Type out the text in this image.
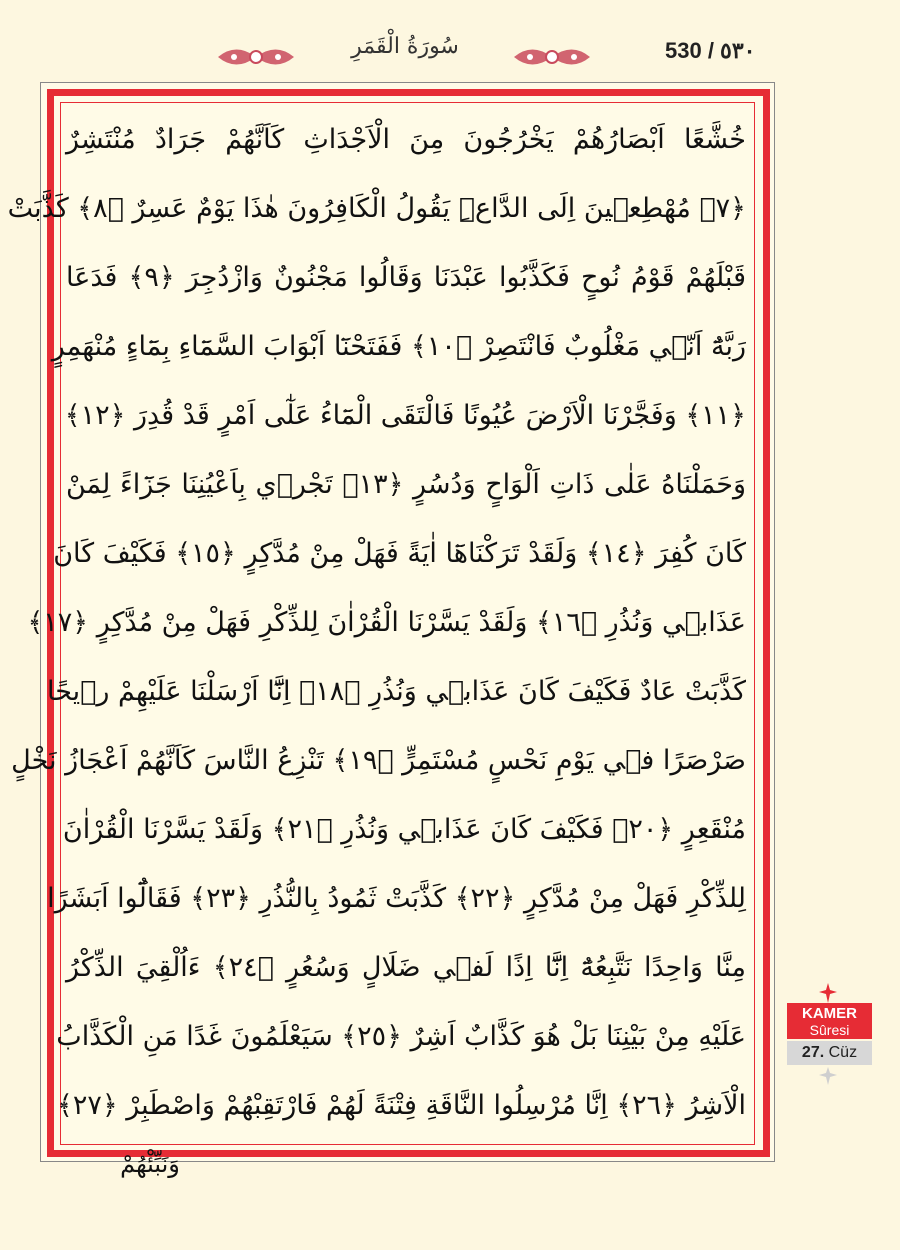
سُورَةُ الْقَمَرِ	530 / ٥٣٠
خُشَّعًا اَبْصَارُهُمْ يَخْرُجُونَ مِنَ الْاَجْدَاثِ كَاَنَّهُمْ جَرَادٌ مُنْتَشِرٌ
﴿٧﴾ مُهْطِعٖينَ اِلَى الدَّاعِۜ يَقُولُ الْكَافِرُونَ هٰذَا يَوْمٌ عَسِرٌ ﴿٨﴾ كَذَّبَتْ
قَبْلَهُمْ قَوْمُ نُوحٍ فَكَذَّبُوا عَبْدَنَا وَقَالُوا مَجْنُونٌ وَازْدُجِرَ ﴿٩﴾ فَدَعَا
رَبَّهُٓ اَنّٖي مَغْلُوبٌ فَانْتَصِرْ ﴿١٠﴾ فَفَتَحْنَٓا اَبْوَابَ السَّمَٓاءِ بِمَٓاءٍ مُنْهَمِرٍ
﴿١١﴾ وَفَجَّرْنَا الْاَرْضَ عُيُونًا فَالْتَقَى الْمَٓاءُ عَلٰٓى اَمْرٍ قَدْ قُدِرَ ﴿١٢﴾
وَحَمَلْنَاهُ عَلٰى ذَاتِ اَلْوَاحٍ وَدُسُرٍ ﴿١٣﴾ تَجْرٖي بِاَعْيُنِنَا جَزَٓاءً لِمَنْ
كَانَ كُفِرَ ﴿١٤﴾ وَلَقَدْ تَرَكْنَاهَٓا اٰيَةً فَهَلْ مِنْ مُدَّكِرٍ ﴿١٥﴾ فَكَيْفَ كَانَ
عَذَابٖي وَنُذُرِ ﴿١٦﴾ وَلَقَدْ يَسَّرْنَا الْقُرْاٰنَ لِلذِّكْرِ فَهَلْ مِنْ مُدَّكِرٍ ﴿١٧﴾
كَذَّبَتْ عَادٌ فَكَيْفَ كَانَ عَذَابٖي وَنُذُرِ ﴿١٨﴾ اِنَّٓا اَرْسَلْنَا عَلَيْهِمْ رٖيحًا
صَرْصَرًا فٖي يَوْمِ نَحْسٍ مُسْتَمِرٍّ ﴿١٩﴾ تَنْزِعُ النَّاسَ كَاَنَّهُمْ اَعْجَازُ نَخْلٍ
مُنْقَعِرٍ ﴿٢٠﴾ فَكَيْفَ كَانَ عَذَابٖي وَنُذُرِ ﴿٢١﴾ وَلَقَدْ يَسَّرْنَا الْقُرْاٰنَ
لِلذِّكْرِ فَهَلْ مِنْ مُدَّكِرٍ ﴿٢٢﴾ كَذَّبَتْ ثَمُودُ بِالنُّذُرِ ﴿٢٣﴾ فَقَالُٓوا اَبَشَرًا
مِنَّا وَاحِدًا نَتَّبِعُهُٓ اِنَّٓا اِذًا لَفٖي ضَلَالٍ وَسُعُرٍ ﴿٢٤﴾ ءَاُلْقِيَ الذِّكْرُ
عَلَيْهِ مِنْ بَيْنِنَا بَلْ هُوَ كَذَّابٌ اَشِرٌ ﴿٢٥﴾ سَيَعْلَمُونَ غَدًا مَنِ الْكَذَّابُ
الْاَشِرُ ﴿٢٦﴾ اِنَّا مُرْسِلُوا النَّاقَةِ فِتْنَةً لَهُمْ فَارْتَقِبْهُمْ وَاصْطَبِرْ ﴿٢٧﴾
وَنَبِّئْهُمْ
KAMER
Sûresi
27. Cüz
